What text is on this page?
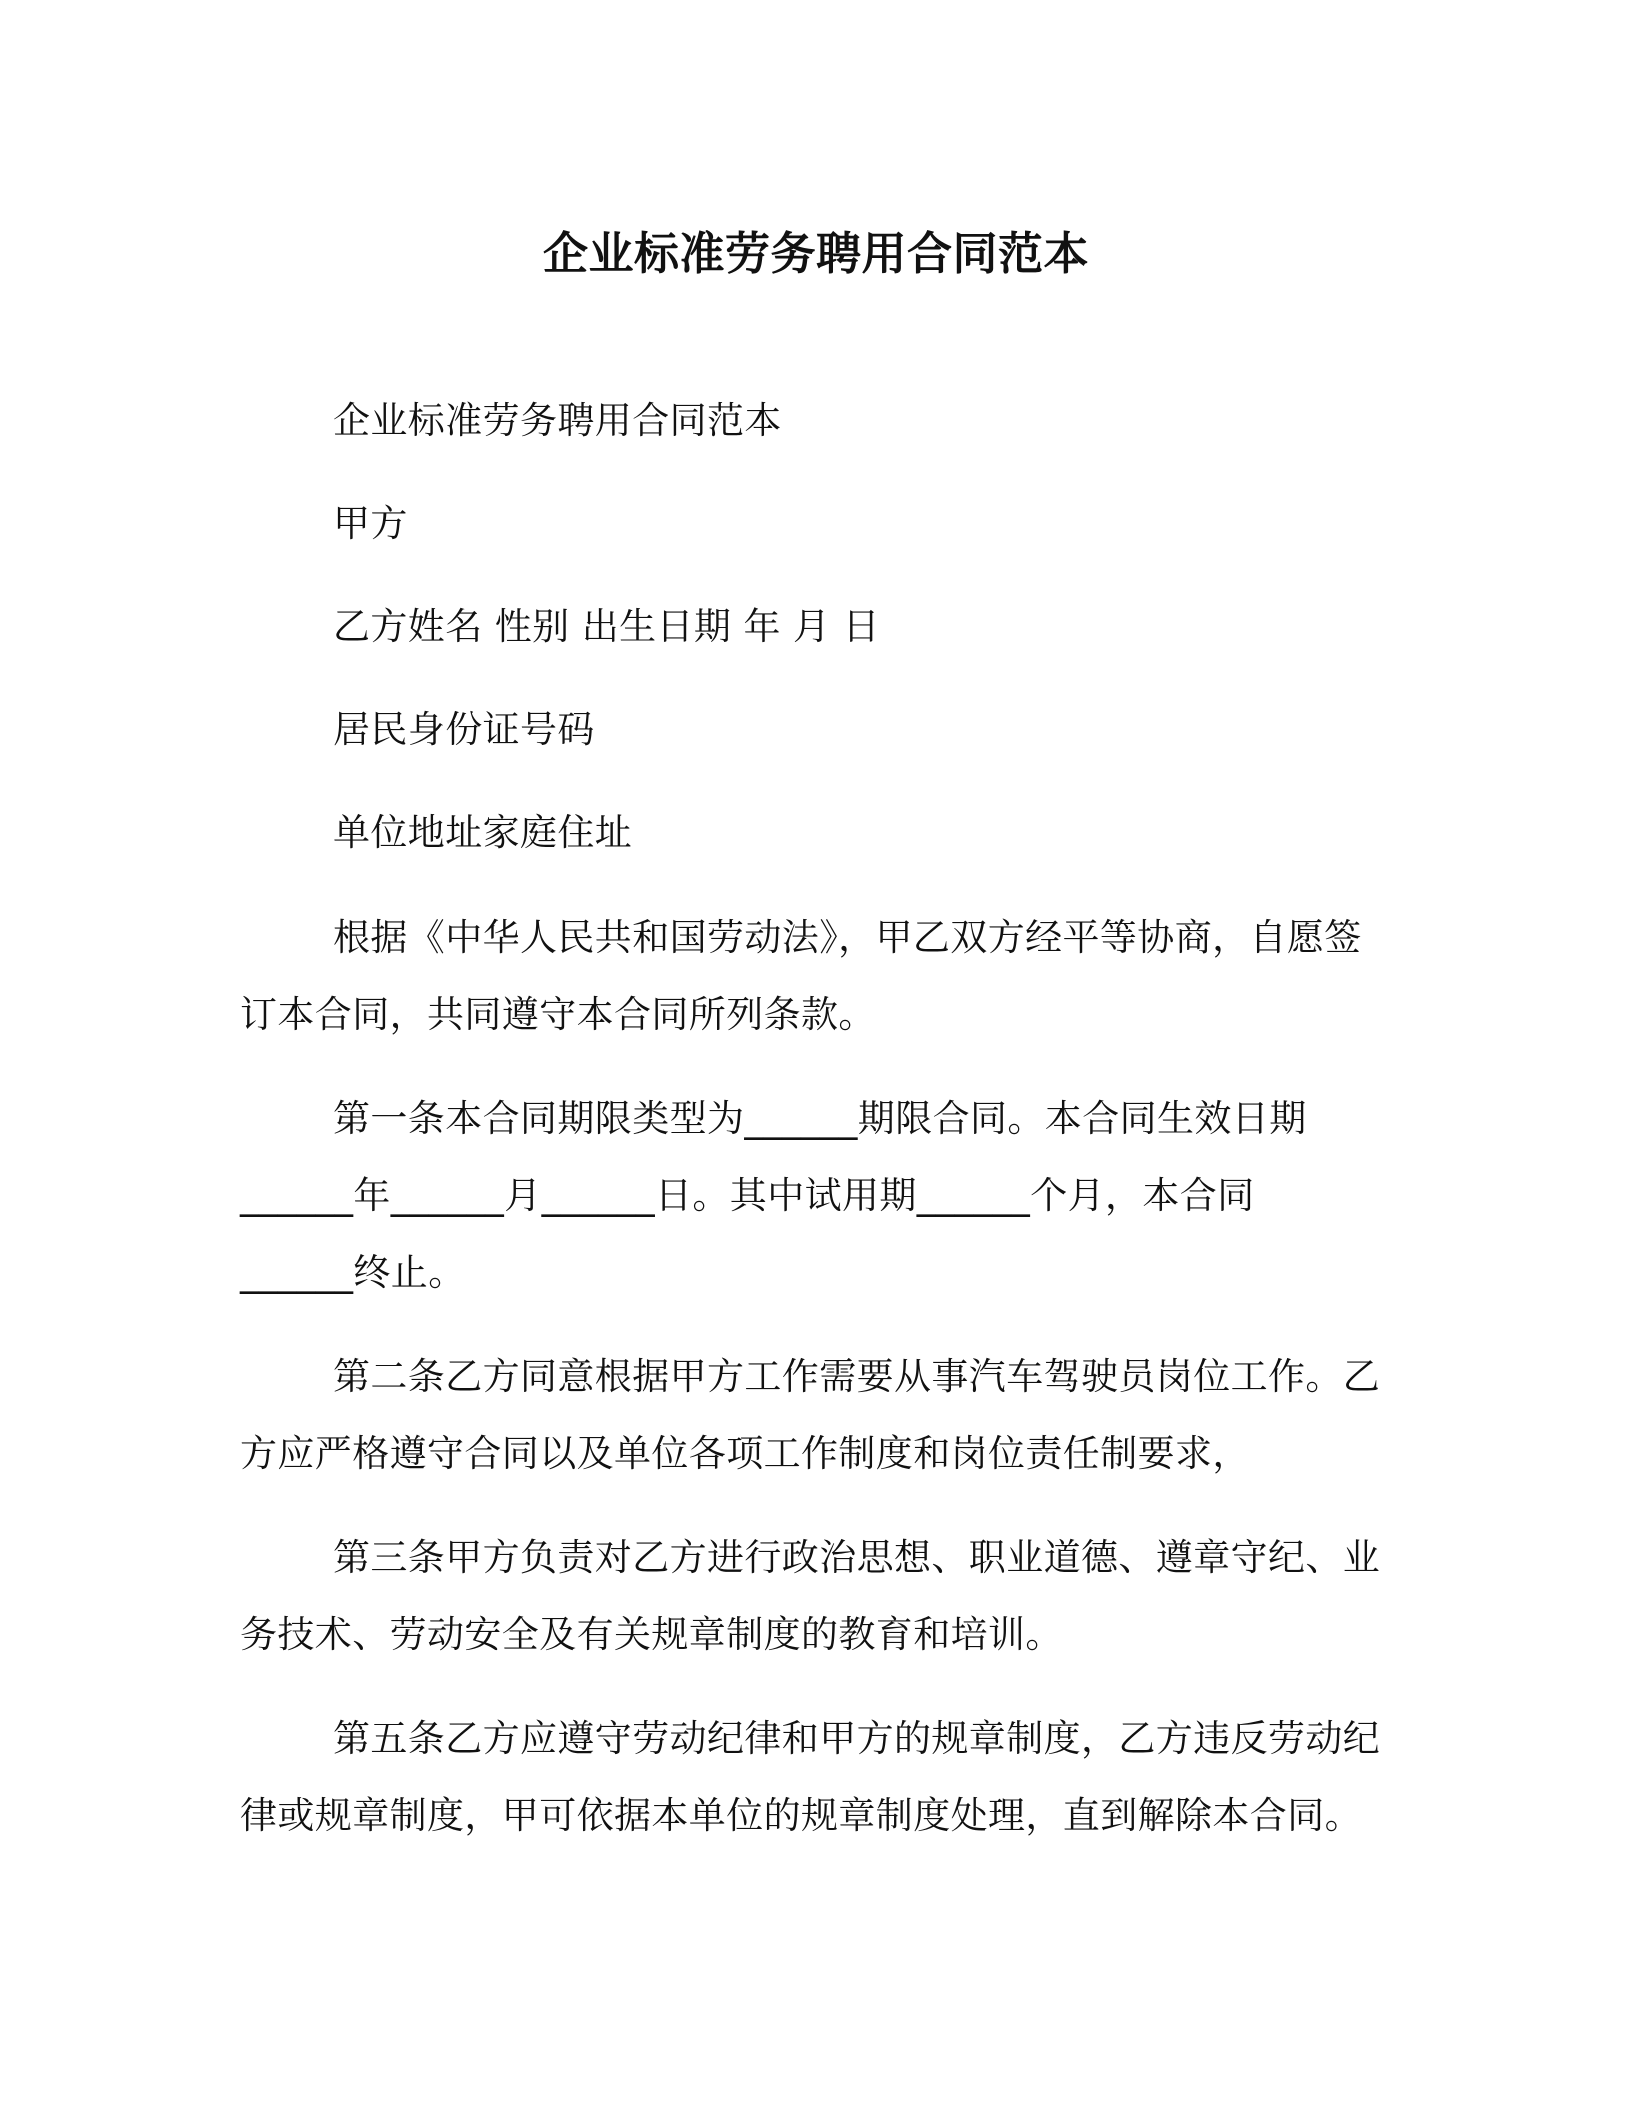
企业标准劳务聘用合同范本
企业标准劳务聘用合同范本
甲方
乙方姓名 性别 出生日期 年 月 日
居民身份证号码
单位地址家庭住址
根据《中华人民共和国劳动法》，甲乙双方经平等协商，自愿签
订本合同，共同遵守本合同所列条款。
第一条本合同期限类型为______期限合同。本合同生效日期
______年______月______日。其中试用期______个月，本合同
______终止。
第二条乙方同意根据甲方工作需要从事汽车驾驶员岗位工作。乙
方应严格遵守合同以及单位各项工作制度和岗位责任制要求，
第三条甲方负责对乙方进行政治思想、职业道德、遵章守纪、业
务技术、劳动安全及有关规章制度的教育和培训。
第五条乙方应遵守劳动纪律和甲方的规章制度，乙方违反劳动纪
律或规章制度，甲可依据本单位的规章制度处理，直到解除本合同。
